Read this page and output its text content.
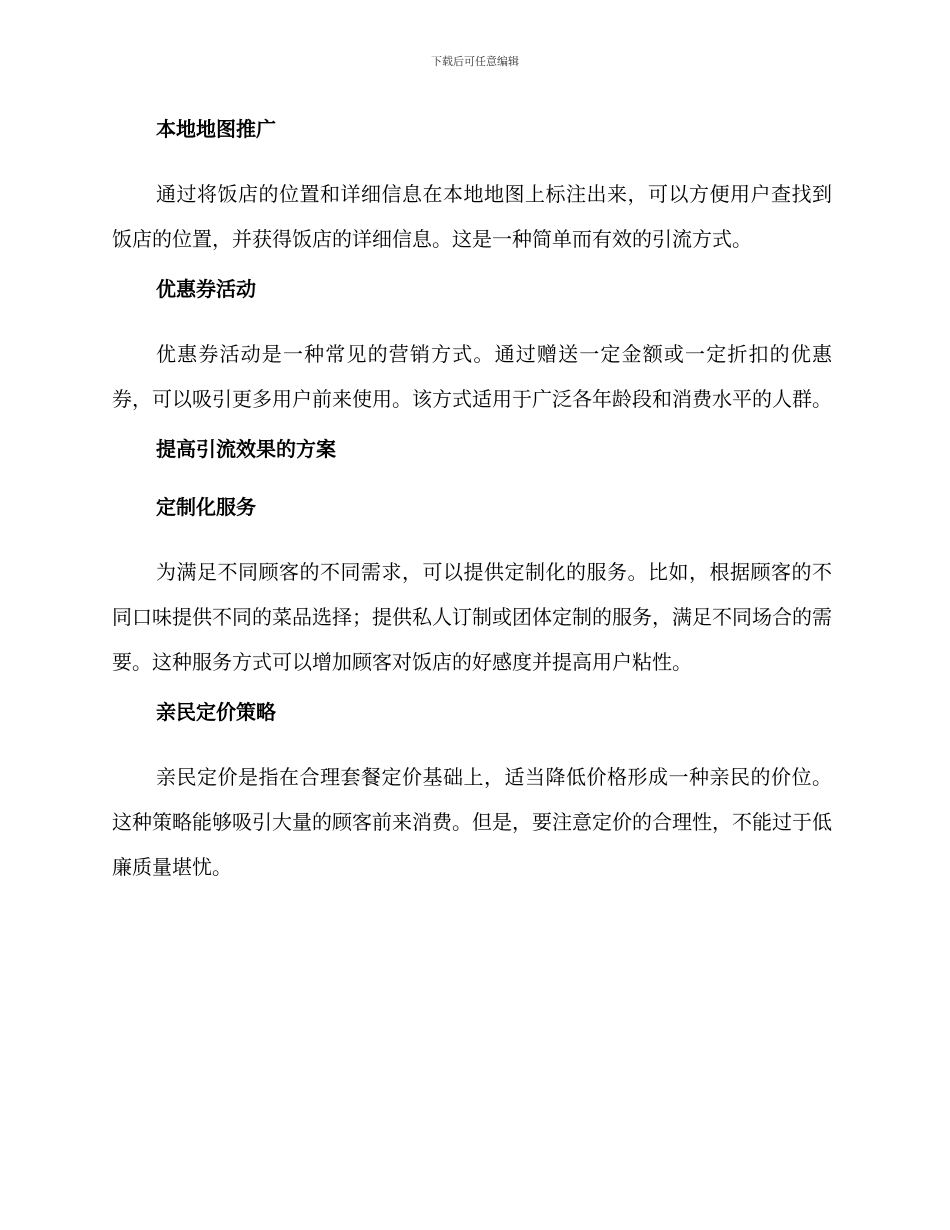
下载后可任意编辑
本地地图推广
通过将饭店的位置和详细信息在本地地图上标注出来，可以方便用户查找到饭店的位置，并获得饭店的详细信息。这是一种简单而有效的引流方式。
优惠券活动
优惠券活动是一种常见的营销方式。通过赠送一定金额或一定折扣的优惠券，可以吸引更多用户前来使用。该方式适用于广泛各年龄段和消费水平的人群。
提高引流效果的方案
定制化服务
为满足不同顾客的不同需求，可以提供定制化的服务。比如，根据顾客的不同口味提供不同的菜品选择；提供私人订制或团体定制的服务，满足不同场合的需要。这种服务方式可以增加顾客对饭店的好感度并提高用户粘性。
亲民定价策略
亲民定价是指在合理套餐定价基础上，适当降低价格形成一种亲民的价位。这种策略能够吸引大量的顾客前来消费。但是，要注意定价的合理性，不能过于低廉质量堪忧。
